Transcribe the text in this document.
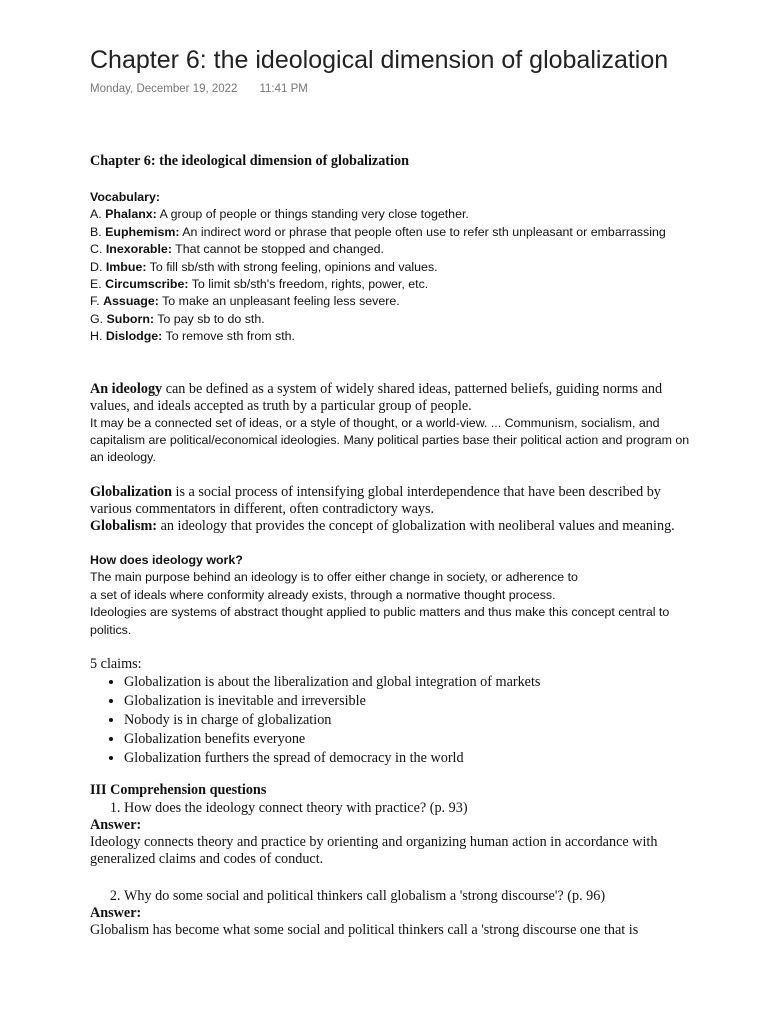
Chapter 6: the ideological dimension of globalization
Monday, December 19, 2022 11:41 PM

Chapter 6: the ideological dimension of globalization

Vocabulary:

A. Phalanx: A group of people or things standing very close together.

B. Euphemism: An indirect word or phrase that people often use to refer sth unpleasant or embarrassing

C. Inexorable: That cannot be stopped and changed.

D. Imbue: To fill sb/sth with strong feeling, opinions and values.

E. Circumscribe: To limit sb/sth's freedom, rights, power, etc.

F. Assuage: To make an unpleasant feeling less severe.

G. Suborn: To pay sb to do sth.

H. Dislodge: To remove sth from sth.

An ideology can be defined as a system of widely shared ideas, patterned beliefs, guiding norms and values, and ideals accepted as truth by a particular group of people.

It may be a connected set of ideas, or a style of thought, or a world-view. ... Communism, socialism, and capitalism are political/economical ideologies. Many political parties base their political action and program on an ideology.

Globalization is a social process of intensifying global interdependence that have been described by various commentators in different, often contradictory ways.

Globalism: an ideology that provides the concept of globalization with neoliberal values and meaning.

How does ideology work?

The main purpose behind an ideology is to offer either change in society, or adherence to

a set of ideals where conformity already exists, through a normative thought process.

Ideologies are systems of abstract thought applied to public matters and thus make this concept central to politics.

5 claims:

• Globalization is about the liberalization and global integration of markets
• Globalization is inevitable and irreversible
• Nobody is in charge of globalization
• Globalization benefits everyone
• Globalization furthers the spread of democracy in the world

III Comprehension questions

1. How does the ideology connect theory with practice? (p. 93)

Answer:

Ideology connects theory and practice by orienting and organizing human action in accordance with generalized claims and codes of conduct.

2. Why do some social and political thinkers call globalism a 'strong discourse'? (p. 96)

Answer:

Globalism has become what some social and political thinkers call a 'strong discourse one that is
